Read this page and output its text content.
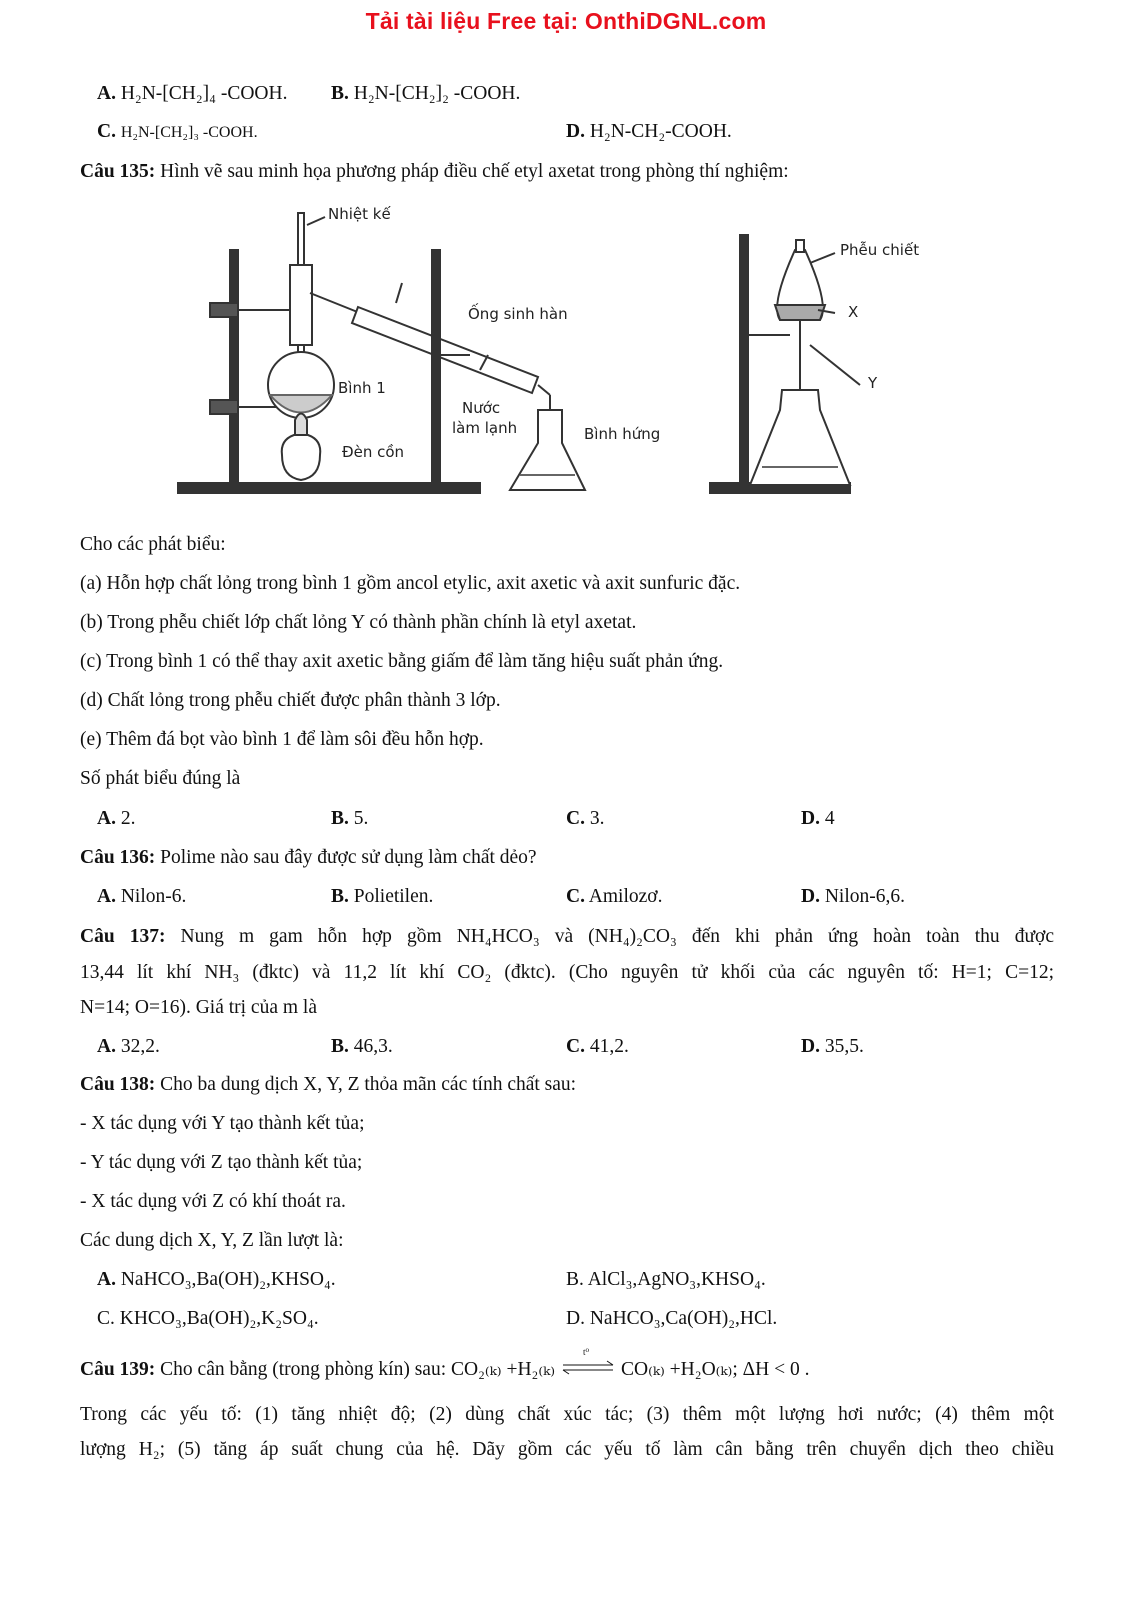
Tải tài liệu Free tại: OnthiDGNL.com
A. H₂N-[CH₂]₄ -COOH. B. H₂N-[CH₂]₂ -COOH.
C. H₂N-[CH₂]₃ -COOH.	D. H₂N-CH₂-COOH.
Câu 135: Hình vẽ sau minh họa phương pháp điều chế etyl axetat trong phòng thí nghiệm:
Nhiệt kế
Ống sinh hàn
Bình 1
Nước
làm lạnh
Đèn cồn
Bình hứng
Phễu chiết
X
Y
Cho các phát biểu:
(a) Hỗn hợp chất lỏng trong bình 1 gồm ancol etylic, axit axetic và axit sunfuric đặc.
(b) Trong phễu chiết lớp chất lỏng Y có thành phần chính là etyl axetat.
(c) Trong bình 1 có thể thay axit axetic bằng giấm để làm tăng hiệu suất phản ứng.
(d) Chất lỏng trong phễu chiết được phân thành 3 lớp.
(e) Thêm đá bọt vào bình 1 để làm sôi đều hỗn hợp.
Số phát biểu đúng là
A. 2.	B. 5.	C. 3.	D. 4
Câu 136: Polime nào sau đây được sử dụng làm chất dẻo?
A. Nilon-6.	B. Polietilen.	C. Amilozơ.	D. Nilon-6,6.
Câu 137: Nung m gam hỗn hợp gồm NH₄HCO₃ và (NH₄)₂CO₃ đến khi phản ứng hoàn toàn thu được
13,44 lít khí NH₃ (đktc) và 11,2 lít khí CO₂ (đktc). (Cho nguyên tử khối của các nguyên tố: H=1; C=12;
N=14; O=16). Giá trị của m là
A. 32,2.	B. 46,3.	C. 41,2.	D. 35,5.
Câu 138: Cho ba dung dịch X, Y, Z thỏa mãn các tính chất sau:
- X tác dụng với Y tạo thành kết tủa;
- Y tác dụng với Z tạo thành kết tủa;
- X tác dụng với Z có khí thoát ra.
Các dung dịch X, Y, Z lần lượt là:
A. NaHCO₃,Ba(OH)₂,KHSO₄.	B. AlCl₃,AgNO₃,KHSO₄.
C. KHCO₃,Ba(OH)₂,K₂SO₄.	D. NaHCO₃,Ca(OH)₂,HCl.
Câu 139: Cho cân bằng (trong phòng kín) sau: CO₂₍ₖ₎ +H₂₍ₖ₎
t⁰
CO₍ₖ₎ +H₂O₍ₖ₎; ΔH < 0 .
Trong các yếu tố: (1) tăng nhiệt độ; (2) dùng chất xúc tác; (3) thêm một lượng hơi nước; (4) thêm một
lượng H₂; (5) tăng áp suất chung của hệ. Dãy gồm các yếu tố làm cân bằng trên chuyển dịch theo chiều
